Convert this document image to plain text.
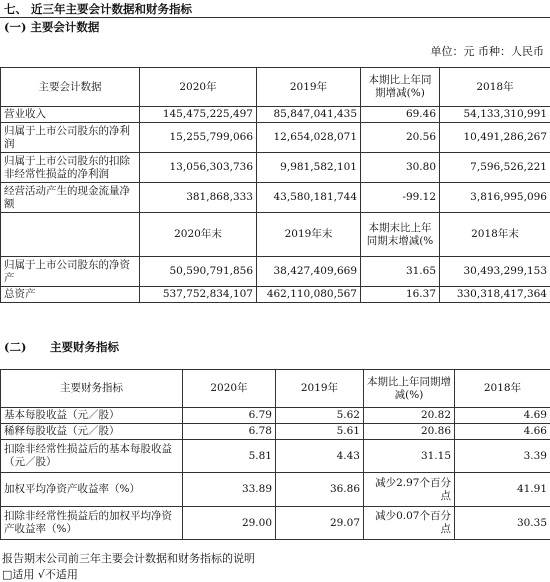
七、 近三年主要会计数据和财务指标
(一) 主要会计数据
单位：元 币种：人民币
主要会计数据	2020年	2019年	本期比上年同期增减(%)	2018年
营业收入	145,475,225,497	85,847,041,435	69.46	54,133,310,991
归属于上市公司股东的净利润	15,255,799,066	12,654,028,071	20.56	10,491,286,267
归属于上市公司股东的扣除非经常性损益的净利润	13,056,303,736	9,981,582,101	30.80	7,596,526,221
经营活动产生的现金流量净额	381,868,333	43,580,181,744	-99.12	3,816,995,096
	2020年末	2019年末	本期末比上年同期末增减(%	2018年末
归属于上市公司股东的净资产	50,590,791,856	38,427,409,669	31.65	30,493,299,153
总资产	537,752,834,107	462,110,080,567	16.37	330,318,417,364
(二) 主要财务指标
主要财务指标	2020年	2019年	本期比上年同期增减(%)	2018年
基本每股收益（元／股）	6.79	5.62	20.82	4.69
稀释每股收益（元／股）	6.78	5.61	20.86	4.66
扣除非经常性损益后的基本每股收益（元／股）	5.81	4.43	31.15	3.39
加权平均净资产收益率（%）	33.89	36.86	减少2.97个百分点	41.91
扣除非经常性损益后的加权平均净资产收益率（%）	29.00	29.07	减少0.07个百分点	30.35
报告期末公司前三年主要会计数据和财务指标的说明
□适用 √不适用
